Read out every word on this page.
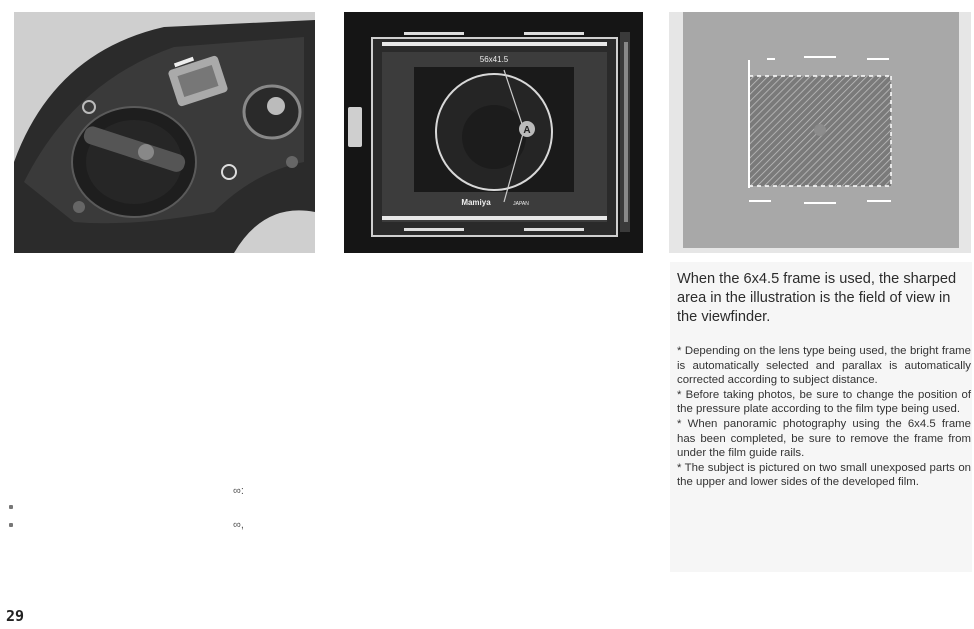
A
56x41.5
Mamiya	JAPAN

When the 6x4.5 frame is used, the sharped area in the illustration is the field of view in the viewfinder.

* Depending on the lens type being used, the bright frame is automatically selected and parallax is automatically corrected according to subject distance.

* Before taking photos, be sure to change the position of the pressure plate according to the film type being used.

* When panoramic photography using the 6x4.5 frame has been completed, be sure to remove the frame from under the film guide rails.

* The subject is pictured on two small unexposed parts on the upper and lower sides of the developed film.

∞:
∞,
29
